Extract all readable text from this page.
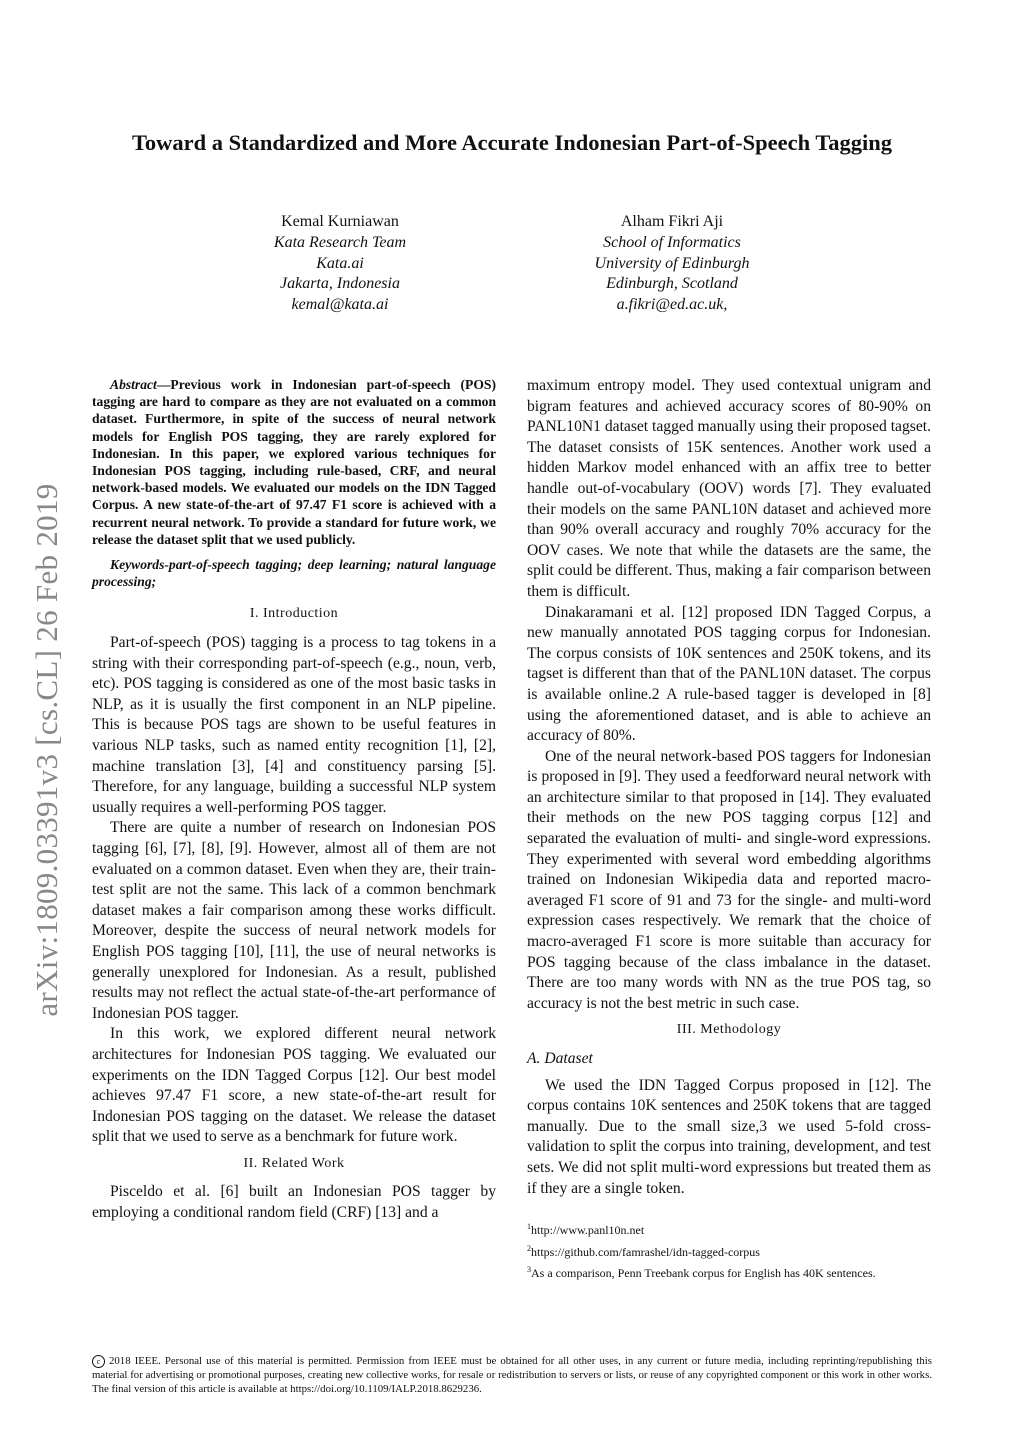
arXiv:1809.03391v3 [cs.CL] 26 Feb 2019
Toward a Standardized and More Accurate Indonesian Part-of-Speech Tagging
Kemal Kurniawan
Kata Research Team
Kata.ai
Jakarta, Indonesia
kemal@kata.ai
Alham Fikri Aji
School of Informatics
University of Edinburgh
Edinburgh, Scotland
a.fikri@ed.ac.uk,

Abstract—Previous work in Indonesian part-of-speech (POS) tagging are hard to compare as they are not evaluated on a common dataset. Furthermore, in spite of the success of neural network models for English POS tagging, they are rarely explored for Indonesian. In this paper, we explored various techniques for Indonesian POS tagging, including rule-based, CRF, and neural network-based models. We evaluated our models on the IDN Tagged Corpus. A new state-of-the-art of 97.47 F1 score is achieved with a recurrent neural network. To provide a standard for future work, we release the dataset split that we used publicly.

Keywords-part-of-speech tagging; deep learning; natural language processing;

I. Introduction

Part-of-speech (POS) tagging is a process to tag tokens in a string with their corresponding part-of-speech (e.g., noun, verb, etc). POS tagging is considered as one of the most basic tasks in NLP, as it is usually the first component in an NLP pipeline. This is because POS tags are shown to be useful features in various NLP tasks, such as named entity recognition [1], [2], machine translation [3], [4] and constituency parsing [5]. Therefore, for any language, building a successful NLP system usually requires a well-performing POS tagger.

There are quite a number of research on Indonesian POS tagging [6], [7], [8], [9]. However, almost all of them are not evaluated on a common dataset. Even when they are, their train-test split are not the same. This lack of a common benchmark dataset makes a fair comparison among these works difficult. Moreover, despite the success of neural network models for English POS tagging [10], [11], the use of neural networks is generally unexplored for Indonesian. As a result, published results may not reflect the actual state-of-the-art performance of Indonesian POS tagger.

In this work, we explored different neural network architectures for Indonesian POS tagging. We evaluated our experiments on the IDN Tagged Corpus [12]. Our best model achieves 97.47 F1 score, a new state-of-the-art result for Indonesian POS tagging on the dataset. We release the dataset split that we used to serve as a benchmark for future work.

II. Related Work

Pisceldo et al. [6] built an Indonesian POS tagger by employing a conditional random field (CRF) [13] and a

maximum entropy model. They used contextual unigram and bigram features and achieved accuracy scores of 80-90% on PANL10N1 dataset tagged manually using their proposed tagset. The dataset consists of 15K sentences. Another work used a hidden Markov model enhanced with an affix tree to better handle out-of-vocabulary (OOV) words [7]. They evaluated their models on the same PANL10N dataset and achieved more than 90% overall accuracy and roughly 70% accuracy for the OOV cases. We note that while the datasets are the same, the split could be different. Thus, making a fair comparison between them is difficult.

Dinakaramani et al. [12] proposed IDN Tagged Corpus, a new manually annotated POS tagging corpus for Indonesian. The corpus consists of 10K sentences and 250K tokens, and its tagset is different than that of the PANL10N dataset. The corpus is available online.2 A rule-based tagger is developed in [8] using the aforementioned dataset, and is able to achieve an accuracy of 80%.

One of the neural network-based POS taggers for Indonesian is proposed in [9]. They used a feedforward neural network with an architecture similar to that proposed in [14]. They evaluated their methods on the new POS tagging corpus [12] and separated the evaluation of multi- and single-word expressions. They experimented with several word embedding algorithms trained on Indonesian Wikipedia data and reported macro-averaged F1 score of 91 and 73 for the single- and multi-word expression cases respectively. We remark that the choice of macro-averaged F1 score is more suitable than accuracy for POS tagging because of the class imbalance in the dataset. There are too many words with NN as the true POS tag, so accuracy is not the best metric in such case.

III. Methodology
A. Dataset

We used the IDN Tagged Corpus proposed in [12]. The corpus contains 10K sentences and 250K tokens that are tagged manually. Due to the small size,3 we used 5-fold cross-validation to split the corpus into training, development, and test sets. We did not split multi-word expressions but treated them as if they are a single token.

$^1$http://www.panl10n.net
$^2$https://github.com/famrashel/idn-tagged-corpus
$^3$As a comparison, Penn Treebank corpus for English has 40K sentences.
c 2018 IEEE. Personal use of this material is permitted. Permission from IEEE must be obtained for all other uses, in any current or future media, including reprinting/republishing this material for advertising or promotional purposes, creating new collective works, for resale or redistribution to servers or lists, or reuse of any copyrighted component or this work in other works. The final version of this article is available at https://doi.org/10.1109/IALP.2018.8629236.
